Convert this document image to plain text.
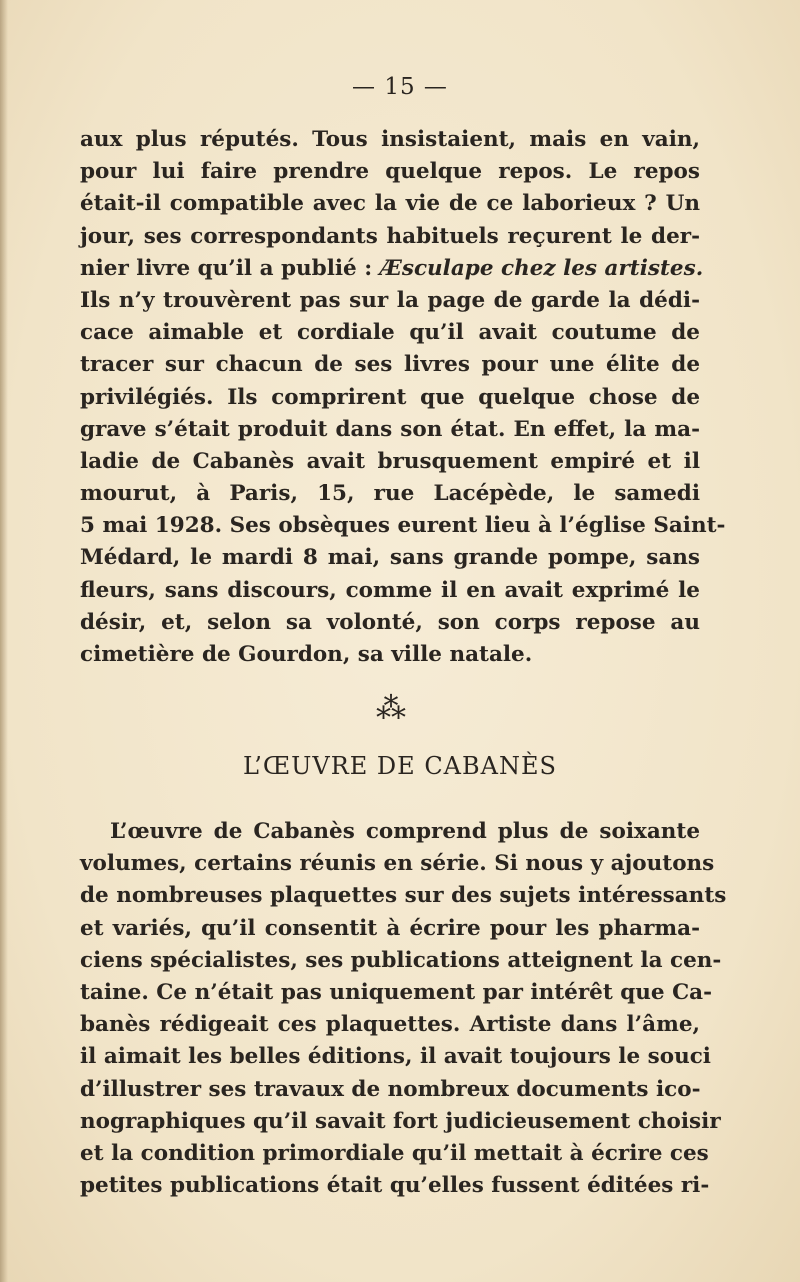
— 15 —
aux plus réputés. Tous insistaient, mais en vain,
pour lui faire prendre quelque repos. Le repos
était-il compatible avec la vie de ce laborieux ? Un
jour, ses correspondants habituels reçurent le der-
nier livre qu’il a publié : Æsculape chez les artistes.
Ils n’y trouvèrent pas sur la page de garde la dédi-
cace aimable et cordiale qu’il avait coutume de
tracer sur chacun de ses livres pour une élite de
privilégiés. Ils comprirent que quelque chose de
grave s’était produit dans son état. En effet, la ma-
ladie de Cabanès avait brusquement empiré et il
mourut, à Paris, 15, rue Lacépède, le samedi
5 mai 1928. Ses obsèques eurent lieu à l’église Saint-
Médard, le mardi 8 mai, sans grande pompe, sans
fleurs, sans discours, comme il en avait exprimé le
désir, et, selon sa volonté, son corps repose au
cimetière de Gourdon, sa ville natale.
⁂
L’ŒUVRE DE CABANÈS
L’œuvre de Cabanès comprend plus de soixante
volumes, certains réunis en série. Si nous y ajoutons
de nombreuses plaquettes sur des sujets intéressants
et variés, qu’il consentit à écrire pour les pharma-
ciens spécialistes, ses publications atteignent la cen-
taine. Ce n’était pas uniquement par intérêt que Ca-
banès rédigeait ces plaquettes. Artiste dans l’âme,
il aimait les belles éditions, il avait toujours le souci
d’illustrer ses travaux de nombreux documents ico-
nographiques qu’il savait fort judicieusement choisir
et la condition primordiale qu’il mettait à écrire ces
petites publications était qu’elles fussent éditées ri-
